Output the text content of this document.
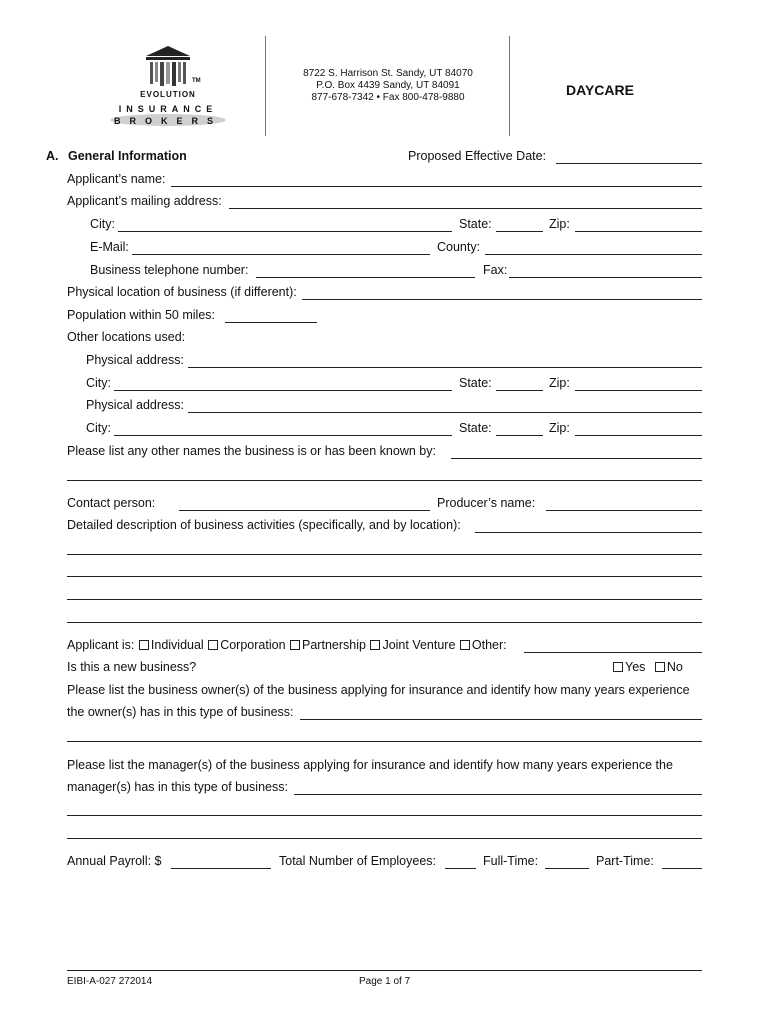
TM
EVOLUTION
INSURANCE
BROKERS
8722 S. Harrison St. Sandy, UT 84070
P.O. Box 4439 Sandy, UT 84091
877-678-7342 • Fax 800-478-9880	DAYCARE
A. General Information	Proposed Effective Date:
Applicant’s name:
Applicant’s mailing address:
City:	State:	Zip:
E-Mail:	County:
Business telephone number:	Fax:
Physical location of business (if different):
Population within 50 miles:
Other locations used:
Physical address:
City:	State:	Zip:
Physical address:
City:	State:	Zip:
Please list any other names the business is or has been known by:
Contact person:	Producer’s name:
Detailed description of business activities (specifically, and by location):
Applicant is: Individual Corporation Partnership Joint Venture Other:
Is this a new business?	Yes No
Please list the business owner(s) of the business applying for insurance and identify how many years experience
the owner(s) has in this type of business:
Please list the manager(s) of the business applying for insurance and identify how many years experience the
manager(s) has in this type of business:
Annual Payroll: $	Total Number of Employees:	Full-Time:	Part-Time:
EIBI-A-027 272014	Page 1 of 7
